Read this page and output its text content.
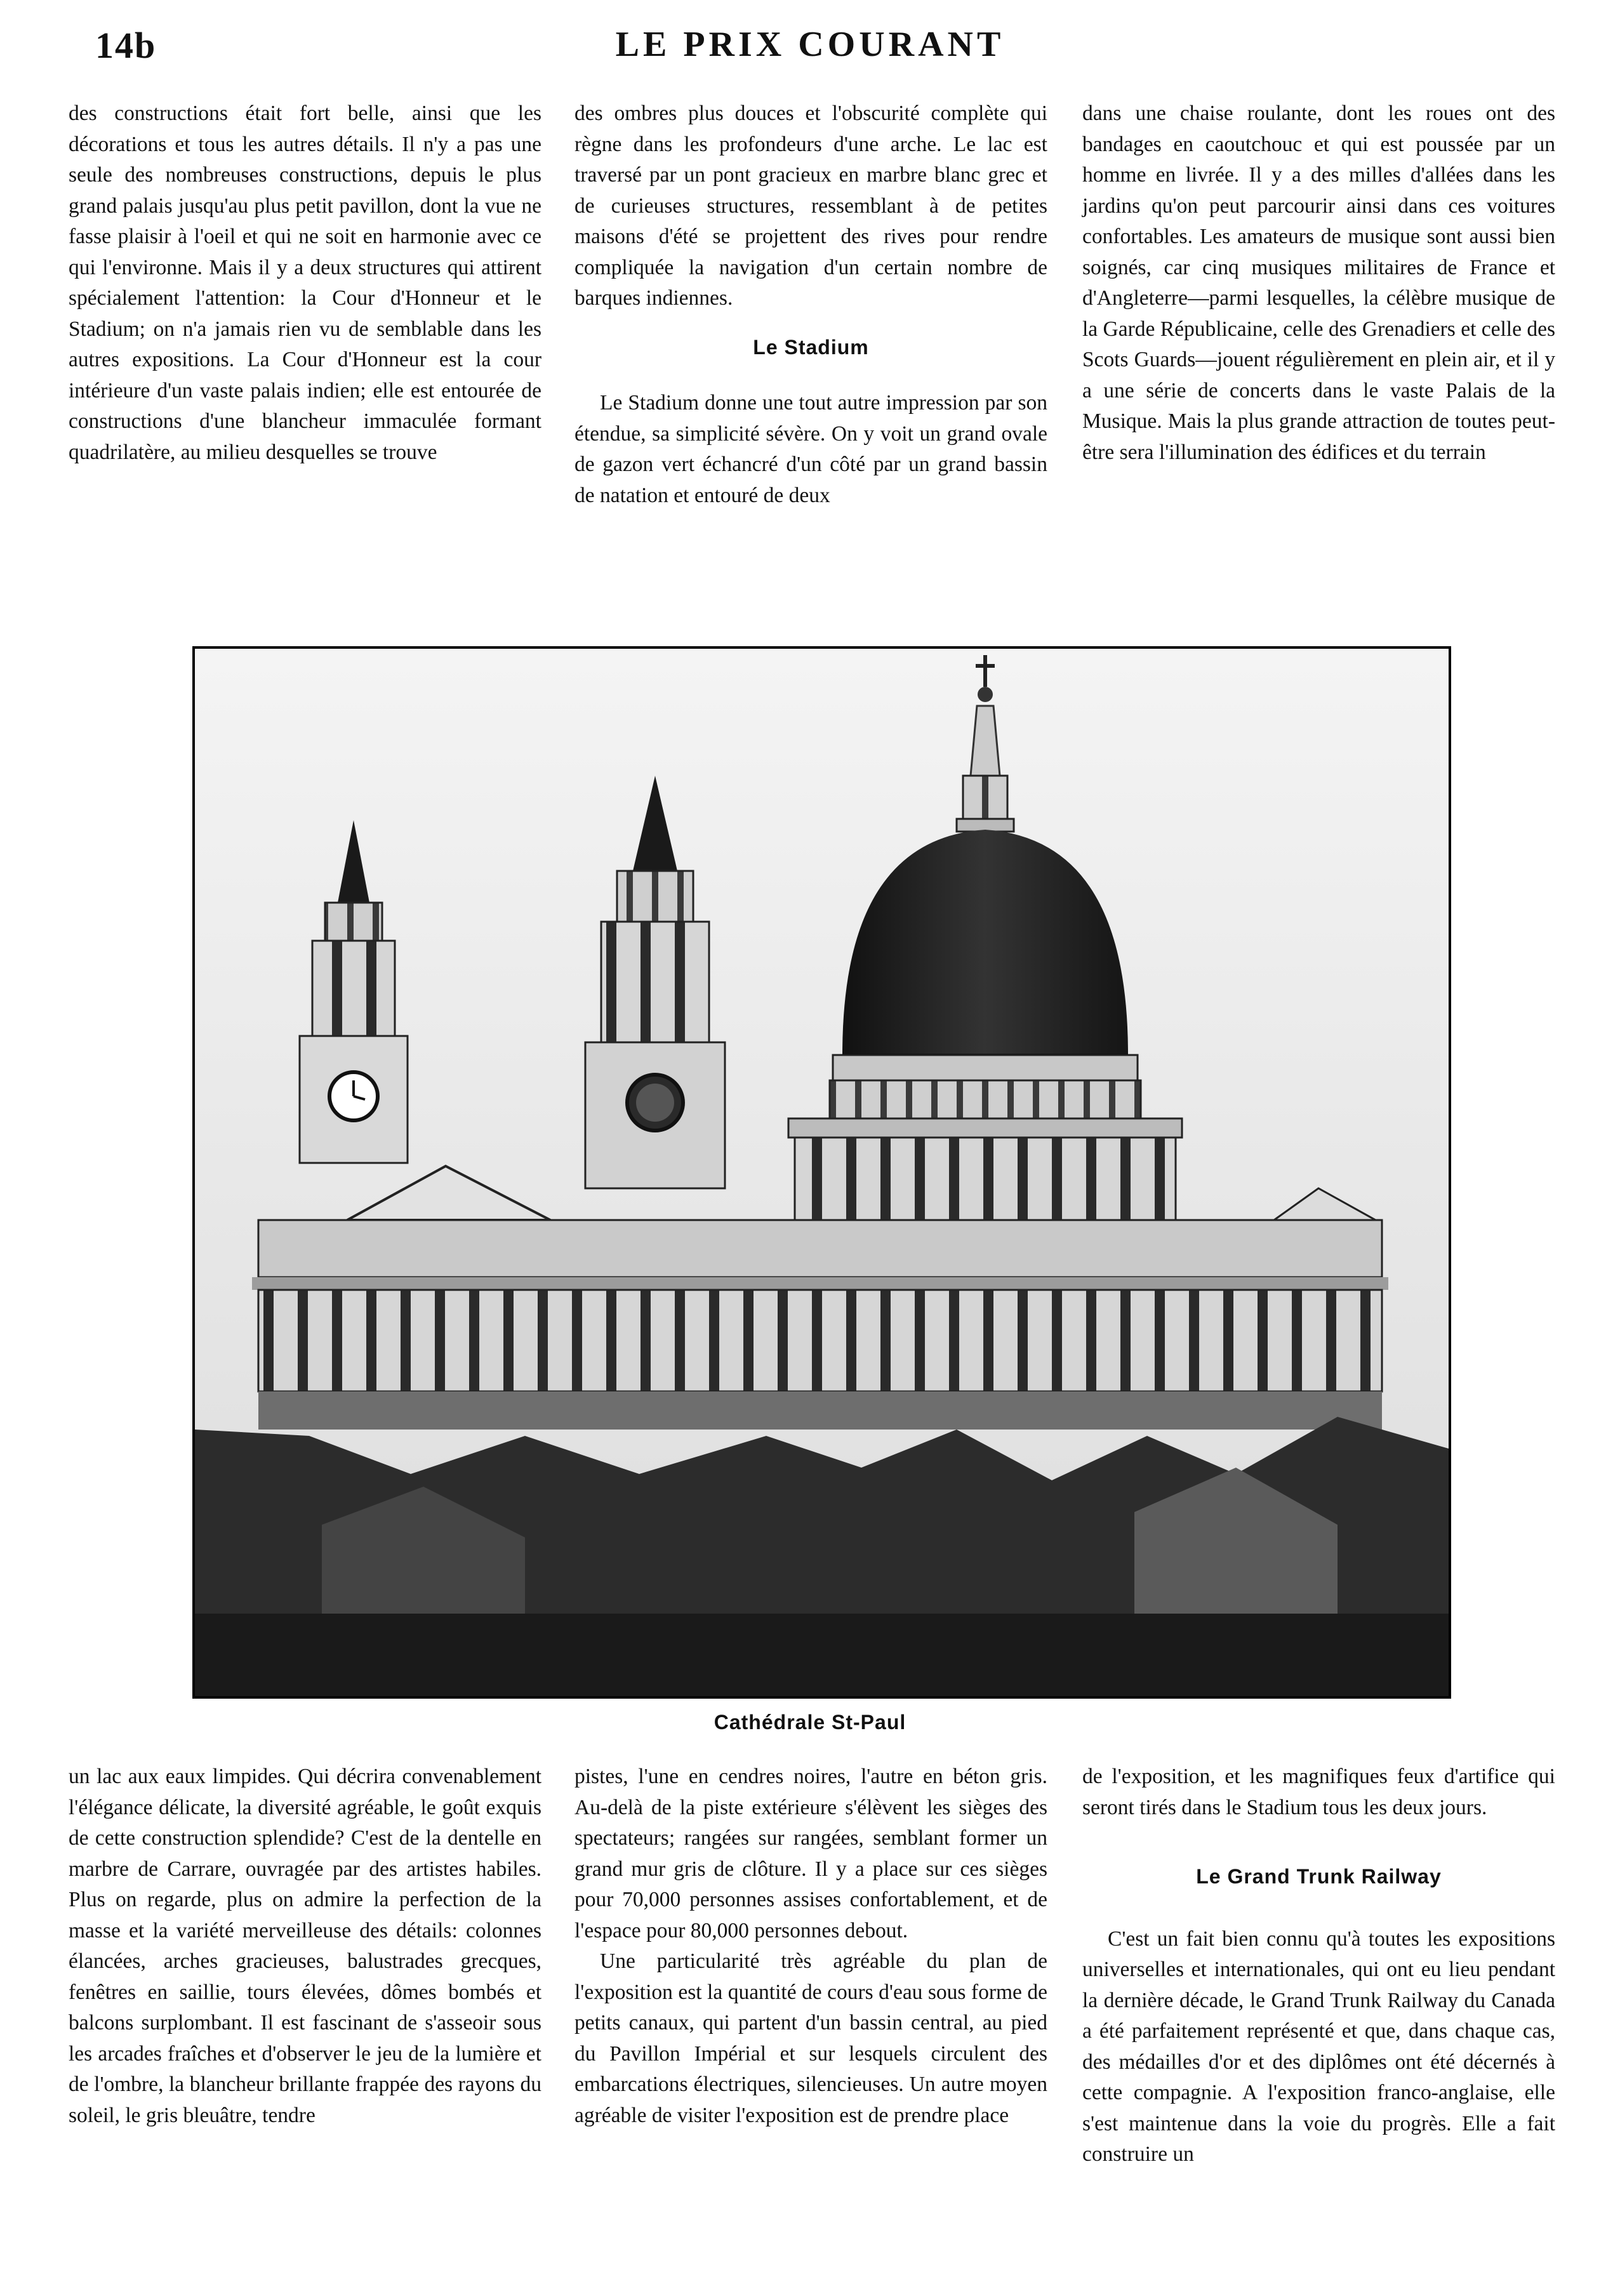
14b	LE PRIX COURANT

des constructions était fort belle, ainsi que les décorations et tous les autres détails. Il n'y a pas une seule des nombreuses constructions, depuis le plus grand palais jusqu'au plus petit pavillon, dont la vue ne fasse plaisir à l'oeil et qui ne soit en harmonie avec ce qui l'environne. Mais il y a deux structures qui attirent spécialement l'attention: la Cour d'Honneur et le Stadium; on n'a jamais rien vu de semblable dans les autres expositions. La Cour d'Honneur est la cour intérieure d'un vaste palais indien; elle est entourée de constructions d'une blancheur immaculée formant quadrilatère, au milieu desquelles se trouve

des ombres plus douces et l'obscurité complète qui règne dans les profondeurs d'une arche. Le lac est traversé par un pont gracieux en marbre blanc grec et de curieuses structures, ressemblant à de petites maisons d'été se projettent des rives pour rendre compliquée la navigation d'un certain nombre de barques indiennes.

Le Stadium

Le Stadium donne une tout autre impression par son étendue, sa simplicité sévère. On y voit un grand ovale de gazon vert échancré d'un côté par un grand bassin de natation et entouré de deux

dans une chaise roulante, dont les roues ont des bandages en caoutchouc et qui est poussée par un homme en livrée. Il y a des milles d'allées dans les jardins qu'on peut parcourir ainsi dans ces voitures confortables. Les amateurs de musique sont aussi bien soignés, car cinq musiques militaires de France et d'Angleterre—parmi lesquelles, la célèbre musique de la Garde Républicaine, celle des Grenadiers et celle des Scots Guards—jouent régulièrement en plein air, et il y a une série de concerts dans le vaste Palais de la Musique. Mais la plus grande attraction de toutes peut-être sera l'illumination des édifices et du terrain

Cathédrale St-Paul

un lac aux eaux limpides. Qui décrira convenablement l'élégance délicate, la diversité agréable, le goût exquis de cette construction splendide? C'est de la dentelle en marbre de Carrare, ouvragée par des artistes habiles. Plus on regarde, plus on admire la perfection de la masse et la variété merveilleuse des détails: colonnes élancées, arches gracieuses, balustrades grecques, fenêtres en saillie, tours élevées, dômes bombés et balcons surplombant. Il est fascinant de s'asseoir sous les arcades fraîches et d'observer le jeu de la lumière et de l'ombre, la blancheur brillante frappée des rayons du soleil, le gris bleuâtre, tendre

pistes, l'une en cendres noires, l'autre en béton gris. Au-delà de la piste extérieure s'élèvent les sièges des spectateurs; rangées sur rangées, semblant former un grand mur gris de clôture. Il y a place sur ces sièges pour 70,000 personnes assises confortablement, et de l'espace pour 80,000 personnes debout.

Une particularité très agréable du plan de l'exposition est la quantité de cours d'eau sous forme de petits canaux, qui partent d'un bassin central, au pied du Pavillon Impérial et sur lesquels circulent des embarcations électriques, silencieuses. Un autre moyen agréable de visiter l'exposition est de prendre place

de l'exposition, et les magnifiques feux d'artifice qui seront tirés dans le Stadium tous les deux jours.

Le Grand Trunk Railway

C'est un fait bien connu qu'à toutes les expositions universelles et internationales, qui ont eu lieu pendant la dernière décade, le Grand Trunk Railway du Canada a été parfaitement représenté et que, dans chaque cas, des médailles d'or et des diplômes ont été décernés à cette compagnie. A l'exposition franco-anglaise, elle s'est maintenue dans la voie du progrès. Elle a fait construire un
